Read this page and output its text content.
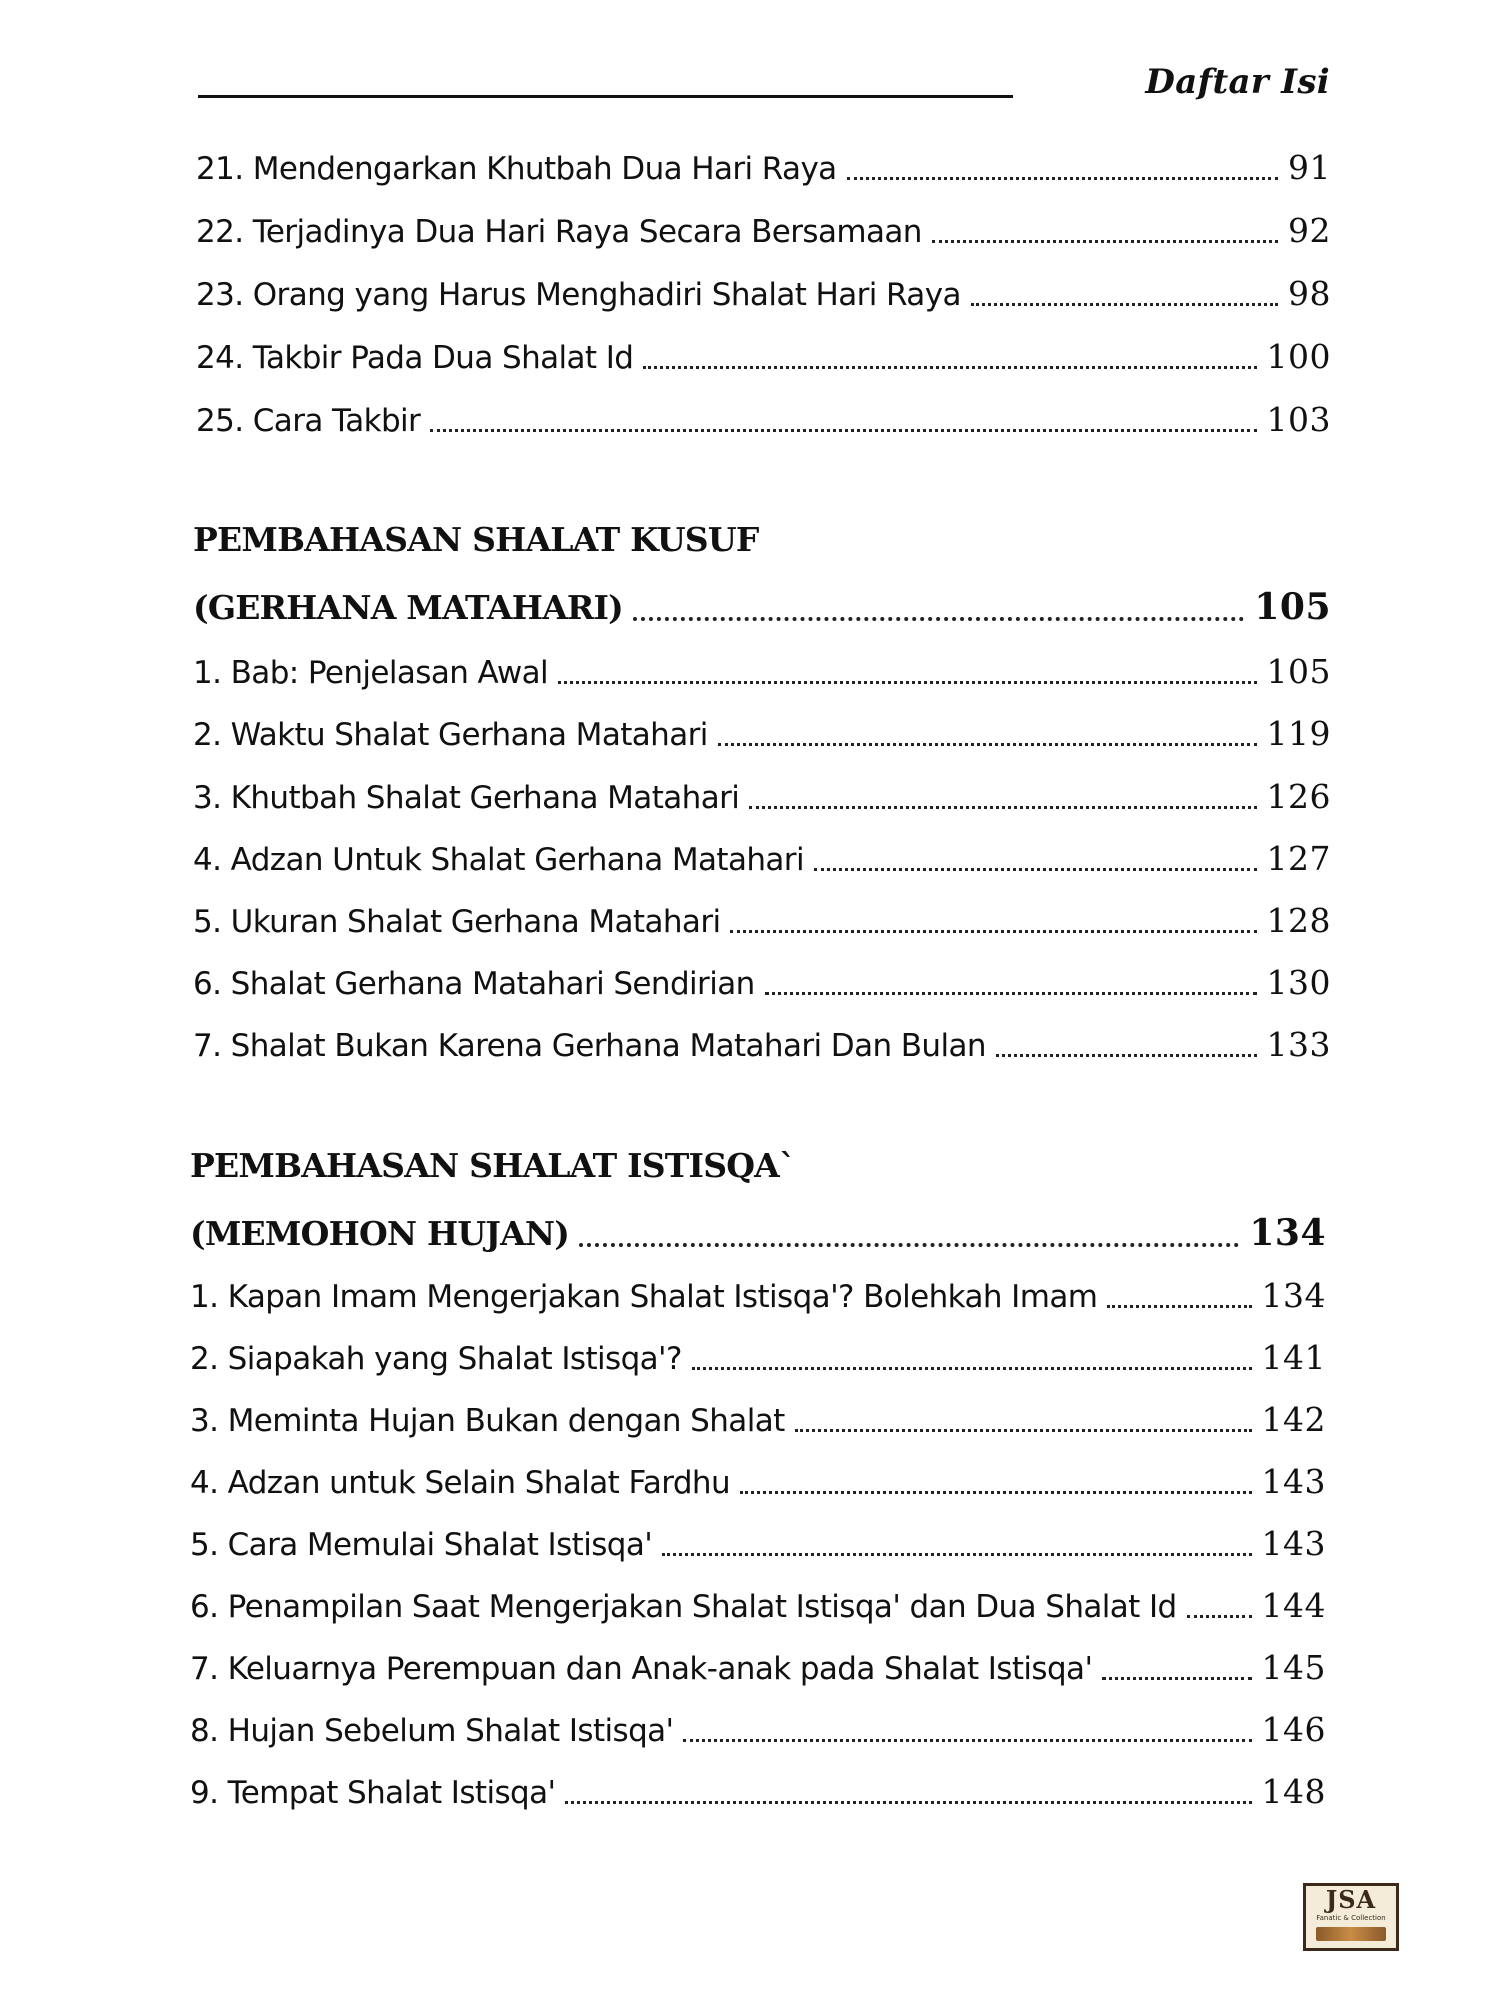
Daftar Isi
21. Mendengarkan Khutbah Dua Hari Raya	91
22. Terjadinya Dua Hari Raya Secara Bersamaan	92
23. Orang yang Harus Menghadiri Shalat Hari Raya	98
24. Takbir Pada Dua Shalat Id	100
25. Cara Takbir	103
PEMBAHASAN SHALAT KUSUF
(GERHANA MATAHARI)	105
1. Bab: Penjelasan Awal	105
2. Waktu Shalat Gerhana Matahari	119
3. Khutbah Shalat Gerhana Matahari	126
4. Adzan Untuk Shalat Gerhana Matahari	127
5. Ukuran Shalat Gerhana Matahari	128
6. Shalat Gerhana Matahari Sendirian	130
7. Shalat Bukan Karena Gerhana Matahari Dan Bulan	133
PEMBAHASAN SHALAT ISTISQA`
(MEMOHON HUJAN)	134
1. Kapan Imam Mengerjakan Shalat Istisqa'? Bolehkah Imam	134
2. Siapakah yang Shalat Istisqa'?	141
3. Meminta Hujan Bukan dengan Shalat	142
4. Adzan untuk Selain Shalat Fardhu	143
5. Cara Memulai Shalat Istisqa'	143
6. Penampilan Saat Mengerjakan Shalat Istisqa' dan Dua Shalat Id	144
7. Keluarnya Perempuan dan Anak-anak pada Shalat Istisqa'	145
8. Hujan Sebelum Shalat Istisqa'	146
9. Tempat Shalat Istisqa'	148
JSA
Fanatic & Collection
